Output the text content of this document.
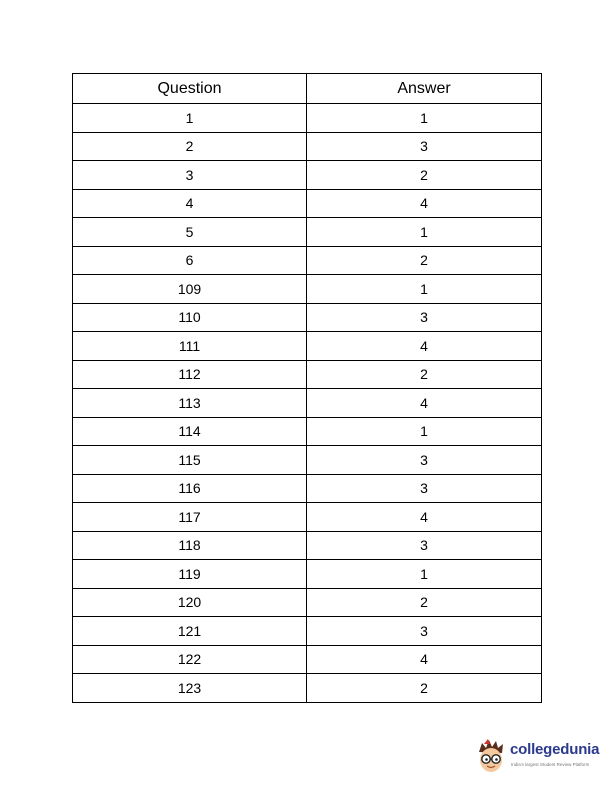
Question	Answer
1	1
2	3
3	2
4	4
5	1
6	2
109	1
110	3
111	4
112	2
113	4
114	1
115	3
116	3
117	4
118	3
119	1
120	2
121	3
122	4
123	2
collegedunia
India's largest Student Review Platform
